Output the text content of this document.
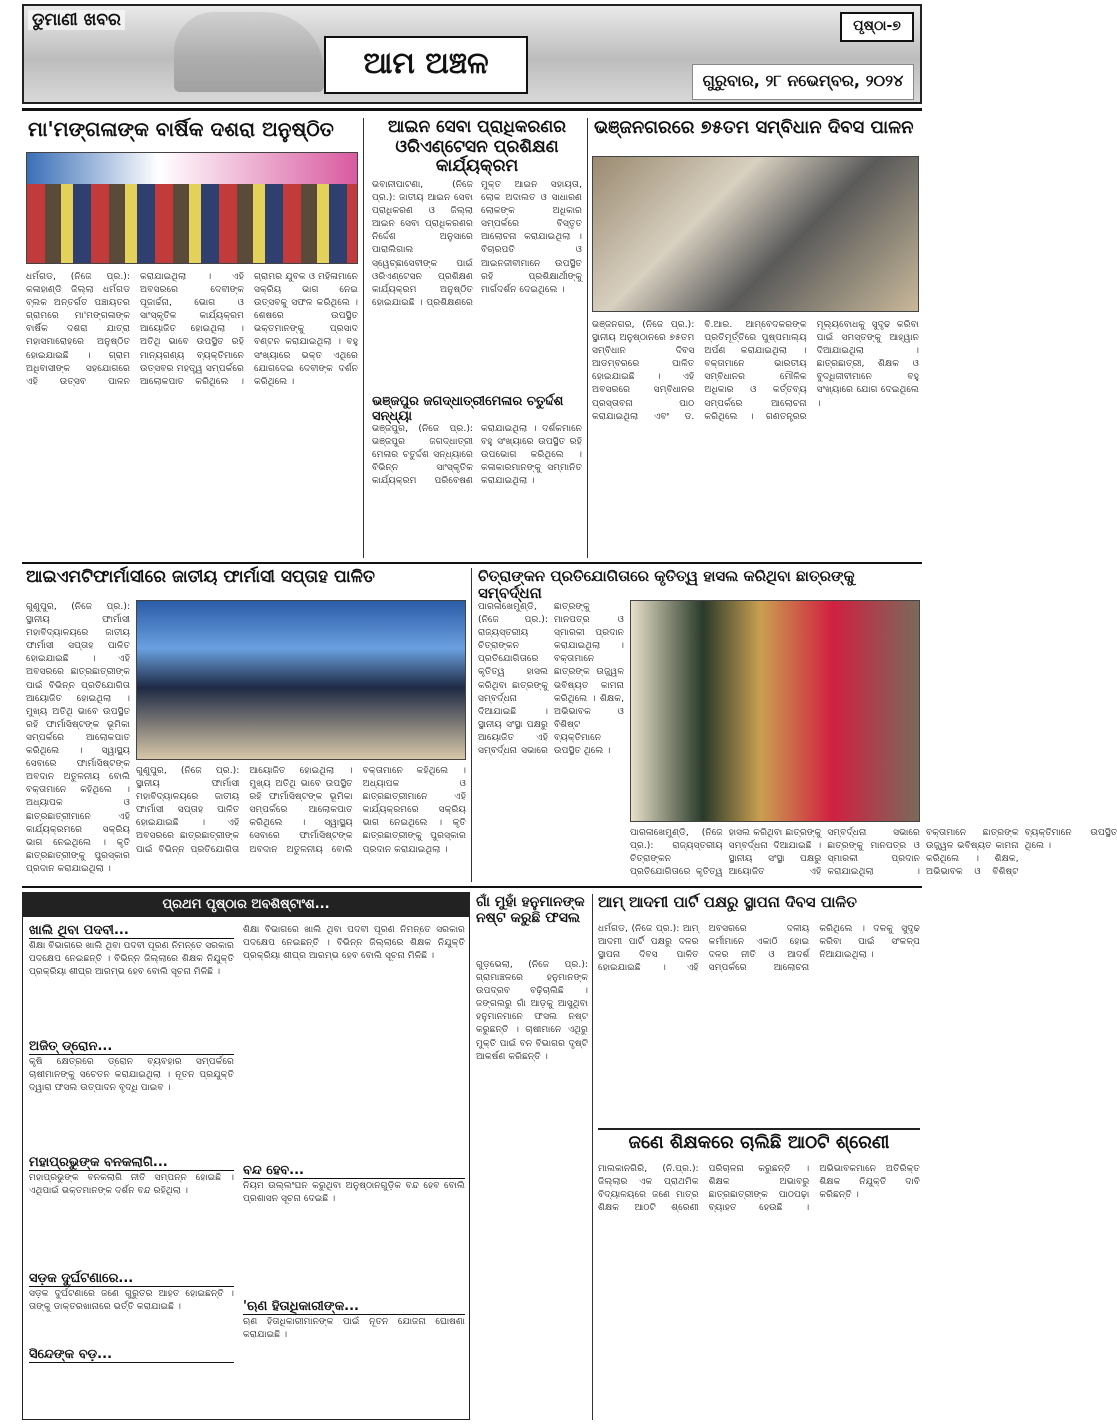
ଡୁମାଣୀ ଖବର
ଆମ ଅଞ୍ଚଳ
ପୃଷ୍ଠା-୭
ଗୁରୁବାର, ୨୮ ନଭେମ୍ବର, ୨୦୨୪
ମା'ମଙ୍ଗଳାଙ୍କ ବାର୍ଷିକ ଦଶରା ଅନୁଷ୍ଠିତ
ଧର୍ମଗଡ, (ନିଜେ ପ୍ର.): କଳାହାଣ୍ଡି ଜିଲ୍ଲା ଧର୍ମଗଡ ବ୍ଲକ ଅନ୍ତର୍ଗତ ପଞ୍ଚାୟତର ଗ୍ରାମରେ ମା'ମଙ୍ଗଳାଙ୍କ ବାର୍ଷିକ ଦଶରା ଯାତ୍ରା ମହାସମାରୋହରେ ଅନୁଷ୍ଠିତ ହୋଇଯାଇଛି । ଗ୍ରାମ ଅଧିବାସୀଙ୍କ ସହଯୋଗରେ ଏହି ଉତ୍ସବ ପାଳନ କରାଯାଇଥିଲା । ଏହି ଅବସରରେ ଦେବୀଙ୍କ ପୂଜାର୍ଚ୍ଚନା, ଭୋଗ ଓ ସାଂସ୍କୃତିକ କାର୍ଯ୍ୟକ୍ରମ ଆୟୋଜିତ ହୋଇଥିଲା । ଅତିଥି ଭାବେ ଉପସ୍ଥିତ ରହି ମାନ୍ୟଗଣ୍ୟ ବ୍ୟକ୍ତିମାନେ ଉତ୍ସବର ମହତ୍ତ୍ୱ ସମ୍ପର୍କରେ ଆଲୋକପାତ କରିଥିଲେ । ଗ୍ରାମର ଯୁବକ ଓ ମହିଳାମାନେ ସକ୍ରିୟ ଭାଗ ନେଇ ଉତ୍ସବକୁ ସଫଳ କରିଥିଲେ । ଶେଷରେ ଉପସ୍ଥିତ ଭକ୍ତମାନଙ୍କୁ ପ୍ରସାଦ ବଣ୍ଟନ କରାଯାଇଥିଲା । ବହୁ ସଂଖ୍ୟାରେ ଭକ୍ତ ଏଥିରେ ଯୋଗଦେଇ ଦେବୀଙ୍କ ଦର୍ଶନ କରିଥିଲେ ।
ଆଇନ ସେବା ପ୍ରାଧିକରଣର ଓରିଏଣ୍ଟେସନ ପ୍ରଶିକ୍ଷଣ କାର୍ଯ୍ୟକ୍ରମ
ଭବାନୀପାଟଣା, (ନିଜେ ପ୍ର.): ଜାତୀୟ ଆଇନ ସେବା ପ୍ରାଧିକରଣ ଓ ଜିଲ୍ଲା ଆଇନ ସେବା ପ୍ରାଧିକରଣର ନିର୍ଦ୍ଦେଶ ଅନୁସାରେ ପାରାଲିଗାଲ ସ୍ୱେଚ୍ଛାସେବୀଙ୍କ ପାଇଁ ଓରିଏଣ୍ଟେସନ ପ୍ରଶିକ୍ଷଣ କାର୍ଯ୍ୟକ୍ରମ ଅନୁଷ୍ଠିତ ହୋଇଯାଇଛି । ପ୍ରଶିକ୍ଷଣରେ ମୁକ୍ତ ଆଇନ ସହାୟତା, ଲୋକ ଅଦାଲତ ଓ ସାଧାରଣ ଲୋକଙ୍କ ଅଧିକାର ସମ୍ପର୍କରେ ବିସ୍ତୃତ ଆଲୋଚନା କରାଯାଇଥିଲା । ବିଚାରପତି ଓ ଆଇନଜୀବୀମାନେ ଉପସ୍ଥିତ ରହି ପ୍ରଶିକ୍ଷାର୍ଥୀଙ୍କୁ ମାର୍ଗଦର୍ଶନ ଦେଇଥିଲେ ।
ଭଞ୍ଜନଗରରେ ୭୫ତମ ସମ୍ବିଧାନ ଦିବସ ପାଳନ
ଭଞ୍ଜନଗର, (ନିଜେ ପ୍ର.): ସ୍ଥାନୀୟ ଅନୁଷ୍ଠାନରେ ୭୫ତମ ସମ୍ବିଧାନ ଦିବସ ଆଡମ୍ବରରେ ପାଳିତ ହୋଇଯାଇଛି । ଏହି ଅବସରରେ ସମ୍ବିଧାନର ପ୍ରସ୍ତାବନା ପାଠ କରାଯାଇଥିଲା ଏବଂ ଡ. ବି.ଆର. ଆମ୍ବେଦକରଙ୍କ ପ୍ରତିମୂର୍ତ୍ତିରେ ପୁଷ୍ପମାଲ୍ୟ ଅର୍ପଣ କରାଯାଇଥିଲା । ବକ୍ତାମାନେ ଭାରତୀୟ ସମ୍ବିଧାନର ମୌଳିକ ଅଧିକାର ଓ କର୍ତ୍ତବ୍ୟ ସମ୍ପର୍କରେ ଆଲୋଚନା କରିଥିଲେ । ଗଣତନ୍ତ୍ରର ମୂଲ୍ୟବୋଧକୁ ସୁଦୃଢ କରିବା ପାଇଁ ସମସ୍ତଙ୍କୁ ଆହ୍ୱାନ ଦିଆଯାଇଥିଲା । ଛାତ୍ରଛାତ୍ରୀ, ଶିକ୍ଷକ ଓ ବୁଦ୍ଧିଜୀବୀମାନେ ବହୁ ସଂଖ୍ୟାରେ ଯୋଗ ଦେଇଥିଲେ ।
ଭଞ୍ଜପୁର ଜଗଦ୍ଧାତ୍ରୀମେଳାର ଚତୁର୍ଦ୍ଦଶ ସନ୍ଧ୍ୟା
ଭଞ୍ଜପୁର, (ନିଜେ ପ୍ର.): ଭଞ୍ଜପୁର ଜଗଦ୍ଧାତ୍ରୀ ମେଳାର ଚତୁର୍ଦ୍ଦଶ ସନ୍ଧ୍ୟାରେ ବିଭିନ୍ନ ସାଂସ୍କୃତିକ କାର୍ଯ୍ୟକ୍ରମ ପରିବେଷଣ କରାଯାଇଥିଲା । ଦର୍ଶକମାନେ ବହୁ ସଂଖ୍ୟାରେ ଉପସ୍ଥିତ ରହି ଉପଭୋଗ କରିଥିଲେ । କଳାକାରମାନଙ୍କୁ ସମ୍ମାନିତ କରାଯାଇଥିଲା ।
ଆଇଏମଟିଫାର୍ମାସୀରେ ଜାତୀୟ ଫାର୍ମାସୀ ସପ୍ତାହ ପାଳିତ
ଗୁଣୁପୁର, (ନିଜେ ପ୍ର.): ସ୍ଥାନୀୟ ଫାର୍ମାସୀ ମହାବିଦ୍ୟାଳୟରେ ଜାତୀୟ ଫାର୍ମାସୀ ସପ୍ତାହ ପାଳିତ ହୋଇଯାଇଛି । ଏହି ଅବସରରେ ଛାତ୍ରଛାତ୍ରୀଙ୍କ ପାଇଁ ବିଭିନ୍ନ ପ୍ରତିଯୋଗିତା ଆୟୋଜିତ ହୋଇଥିଲା । ମୁଖ୍ୟ ଅତିଥି ଭାବେ ଉପସ୍ଥିତ ରହି ଫାର୍ମାସିଷ୍ଟଙ୍କ ଭୂମିକା ସମ୍ପର୍କରେ ଆଲୋକପାତ କରିଥିଲେ । ସ୍ୱାସ୍ଥ୍ୟ ସେବାରେ ଫାର୍ମାସିଷ୍ଟଙ୍କ ଅବଦାନ ଅତୁଳନୀୟ ବୋଲି ବକ୍ତାମାନେ କହିଥିଲେ । ଅଧ୍ୟାପକ ଓ ଛାତ୍ରଛାତ୍ରୀମାନେ ଏହି କାର୍ଯ୍ୟକ୍ରମରେ ସକ୍ରିୟ ଭାଗ ନେଇଥିଲେ । କୃତି ଛାତ୍ରଛାତ୍ରୀଙ୍କୁ ପୁରସ୍କାର ପ୍ରଦାନ କରାଯାଇଥିଲା ।
ଗୁଣୁପୁର, (ନିଜେ ପ୍ର.): ସ୍ଥାନୀୟ ଫାର୍ମାସୀ ମହାବିଦ୍ୟାଳୟରେ ଜାତୀୟ ଫାର୍ମାସୀ ସପ୍ତାହ ପାଳିତ ହୋଇଯାଇଛି । ଏହି ଅବସରରେ ଛାତ୍ରଛାତ୍ରୀଙ୍କ ପାଇଁ ବିଭିନ୍ନ ପ୍ରତିଯୋଗିତା ଆୟୋଜିତ ହୋଇଥିଲା । ମୁଖ୍ୟ ଅତିଥି ଭାବେ ଉପସ୍ଥିତ ରହି ଫାର୍ମାସିଷ୍ଟଙ୍କ ଭୂମିକା ସମ୍ପର୍କରେ ଆଲୋକପାତ କରିଥିଲେ । ସ୍ୱାସ୍ଥ୍ୟ ସେବାରେ ଫାର୍ମାସିଷ୍ଟଙ୍କ ଅବଦାନ ଅତୁଳନୀୟ ବୋଲି ବକ୍ତାମାନେ କହିଥିଲେ । ଅଧ୍ୟାପକ ଓ ଛାତ୍ରଛାତ୍ରୀମାନେ ଏହି କାର୍ଯ୍ୟକ୍ରମରେ ସକ୍ରିୟ ଭାଗ ନେଇଥିଲେ । କୃତି ଛାତ୍ରଛାତ୍ରୀଙ୍କୁ ପୁରସ୍କାର ପ୍ରଦାନ କରାଯାଇଥିଲା ।
ଚିତ୍ରାଙ୍କନ ପ୍ରତିଯୋଗିତାରେ କୃତିତ୍ୱ ହାସଲ କରିଥିବା ଛାତ୍ରଙ୍କୁ ସମ୍ବର୍ଦ୍ଧନା
ପାରଳାଖେମୁଣ୍ଡି, (ନିଜେ ପ୍ର.): ରାଜ୍ୟସ୍ତରୀୟ ଚିତ୍ରାଙ୍କନ ପ୍ରତିଯୋଗିତାରେ କୃତିତ୍ୱ ହାସଲ କରିଥିବା ଛାତ୍ରଙ୍କୁ ସମ୍ବର୍ଦ୍ଧନା ଦିଆଯାଇଛି । ସ୍ଥାନୀୟ ସଂସ୍ଥା ପକ୍ଷରୁ ଆୟୋଜିତ ଏହି ସମ୍ବର୍ଦ୍ଧନା ସଭାରେ ଛାତ୍ରଙ୍କୁ ମାନପତ୍ର ଓ ସ୍ମାରକୀ ପ୍ରଦାନ କରାଯାଇଥିଲା । ବକ୍ତାମାନେ ଛାତ୍ରଙ୍କ ଉଜ୍ଜ୍ୱଳ ଭବିଷ୍ୟତ କାମନା କରିଥିଲେ । ଶିକ୍ଷକ, ଅଭିଭାବକ ଓ ବିଶିଷ୍ଟ ବ୍ୟକ୍ତିମାନେ ଉପସ୍ଥିତ ଥିଲେ ।
ପାରଳାଖେମୁଣ୍ଡି, (ନିଜେ ପ୍ର.): ରାଜ୍ୟସ୍ତରୀୟ ଚିତ୍ରାଙ୍କନ ପ୍ରତିଯୋଗିତାରେ କୃତିତ୍ୱ ହାସଲ କରିଥିବା ଛାତ୍ରଙ୍କୁ ସମ୍ବର୍ଦ୍ଧନା ଦିଆଯାଇଛି । ସ୍ଥାନୀୟ ସଂସ୍ଥା ପକ୍ଷରୁ ଆୟୋଜିତ ଏହି ସମ୍ବର୍ଦ୍ଧନା ସଭାରେ ଛାତ୍ରଙ୍କୁ ମାନପତ୍ର ଓ ସ୍ମାରକୀ ପ୍ରଦାନ କରାଯାଇଥିଲା । ବକ୍ତାମାନେ ଛାତ୍ରଙ୍କ ଉଜ୍ଜ୍ୱଳ ଭବିଷ୍ୟତ କାମନା କରିଥିଲେ । ଶିକ୍ଷକ, ଅଭିଭାବକ ଓ ବିଶିଷ୍ଟ ବ୍ୟକ୍ତିମାନେ ଉପସ୍ଥିତ ଥିଲେ ।
ପ୍ରଥମ ପୃଷ୍ଠାର ଅବଶିଷ୍ଟାଂଶ...
ଖାଲି ଥିବା ପଦବୀ...
ଶିକ୍ଷା ବିଭାଗରେ ଖାଲି ଥିବା ପଦବୀ ପୂରଣ ନିମନ୍ତେ ସରକାର ପଦକ୍ଷେପ ନେଇଛନ୍ତି । ବିଭିନ୍ନ ଜିଲ୍ଲାରେ ଶିକ୍ଷକ ନିଯୁକ୍ତି ପ୍ରକ୍ରିୟା ଶୀଘ୍ର ଆରମ୍ଭ ହେବ ବୋଲି ସୂଚନା ମିଳିଛି ।
ଅଜିତ୍ ଡ୍ରୋନ...
କୃଷି କ୍ଷେତ୍ରରେ ଡ୍ରୋନ ବ୍ୟବହାର ସମ୍ପର୍କରେ ଚାଷୀମାନଙ୍କୁ ସଚେତନ କରାଯାଇଥିଲା । ନୂତନ ପ୍ରଯୁକ୍ତି ଦ୍ୱାରା ଫସଲ ଉତ୍ପାଦନ ବୃଦ୍ଧି ପାଇବ ।
ମହାପ୍ରଭୁଙ୍କ ବନକଲାଗି...
ମହାପ୍ରଭୁଙ୍କ ବନକଲାଗି ନୀତି ସମ୍ପନ୍ନ ହୋଇଛି । ଏଥିପାଇଁ ଭକ୍ତମାନଙ୍କ ଦର୍ଶନ ବନ୍ଦ ରହିଥିଲା ।
ସଡ଼କ ଦୁର୍ଘଟଣାରେ...
ସଡ଼କ ଦୁର୍ଘଟଣାରେ ଜଣେ ଗୁରୁତର ଆହତ ହୋଇଛନ୍ତି । ତାଙ୍କୁ ଡାକ୍ତରଖାନାରେ ଭର୍ତ୍ତି କରାଯାଇଛି ।
ସିନ୍ଦେଙ୍କ ବଡ଼...
ଶିକ୍ଷା ବିଭାଗରେ ଖାଲି ଥିବା ପଦବୀ ପୂରଣ ନିମନ୍ତେ ସରକାର ପଦକ୍ଷେପ ନେଇଛନ୍ତି । ବିଭିନ୍ନ ଜିଲ୍ଲାରେ ଶିକ୍ଷକ ନିଯୁକ୍ତି ପ୍ରକ୍ରିୟା ଶୀଘ୍ର ଆରମ୍ଭ ହେବ ବୋଲି ସୂଚନା ମିଳିଛି ।
ବନ୍ଦ ହେବ...
ନିୟମ ଉଲ୍ଲଂଘନ କରୁଥିବା ଅନୁଷ୍ଠାନଗୁଡ଼ିକ ବନ୍ଦ ହେବ ବୋଲି ପ୍ରଶାସନ ସୂଚନା ଦେଇଛି ।
'ଋଣ ହିତାଧିକାରୀଙ୍କ...
ଋଣ ହିତାଧିକାରୀମାନଙ୍କ ପାଇଁ ନୂତନ ଯୋଜନା ଘୋଷଣା କରାଯାଇଛି ।
ଗାଁ ମୁହାଁ ହନୁମାନଙ୍କ ନଷ୍ଟ କରୁଛି ଫସଲ
ଗୁଡ଼ଭେଲା, (ନିଜେ ପ୍ର.): ଗ୍ରାମାଞ୍ଚଳରେ ହନୁମାନଙ୍କ ଉପଦ୍ରବ ବଢ଼ିଚାଲିଛି । ଜଙ୍ଗଲରୁ ଗାଁ ଆଡ଼କୁ ଆସୁଥିବା ହନୁମାନମାନେ ଫସଲ ନଷ୍ଟ କରୁଛନ୍ତି । ଚାଷୀମାନେ ଏଥିରୁ ମୁକ୍ତି ପାଇଁ ବନ ବିଭାଗର ଦୃଷ୍ଟି ଆକର୍ଷଣ କରିଛନ୍ତି ।
ଆମ୍ ଆଦମୀ ପାର୍ଟି ପକ୍ଷରୁ ସ୍ଥାପନା ଦିବସ ପାଳିତ
ଧର୍ମଗଡ, (ନିଜେ ପ୍ର.): ଆମ୍ ଆଦମୀ ପାର୍ଟି ପକ୍ଷରୁ ଦଳର ସ୍ଥାପନା ଦିବସ ପାଳିତ ହୋଇଯାଇଛି । ଏହି ଅବସରରେ ଦଳୀୟ କର୍ମୀମାନେ ଏକାଠି ହୋଇ ଦଳର ନୀତି ଓ ଆଦର୍ଶ ସମ୍ପର୍କରେ ଆଲୋଚନା କରିଥିଲେ । ଦଳକୁ ସୁଦୃଢ କରିବା ପାଇଁ ସଂକଳ୍ପ ନିଆଯାଇଥିଲା ।
ଜଣେ ଶିକ୍ଷକରେ ଚାଲିଛି ଆଠଟି ଶ୍ରେଣୀ
ମାଲକାନଗିରି, (ନି.ପ୍ର.): ଜିଲ୍ଲାର ଏକ ପ୍ରାଥମିକ ବିଦ୍ୟାଳୟରେ ଜଣେ ମାତ୍ର ଶିକ୍ଷକ ଆଠଟି ଶ୍ରେଣୀ ପରିଚାଳନା କରୁଛନ୍ତି । ଶିକ୍ଷକ ଅଭାବରୁ ଛାତ୍ରଛାତ୍ରୀଙ୍କ ପାଠପଢ଼ା ବ୍ୟାହତ ହେଉଛି । ଅଭିଭାବକମାନେ ଅତିରିକ୍ତ ଶିକ୍ଷକ ନିଯୁକ୍ତି ଦାବି କରିଛନ୍ତି ।
